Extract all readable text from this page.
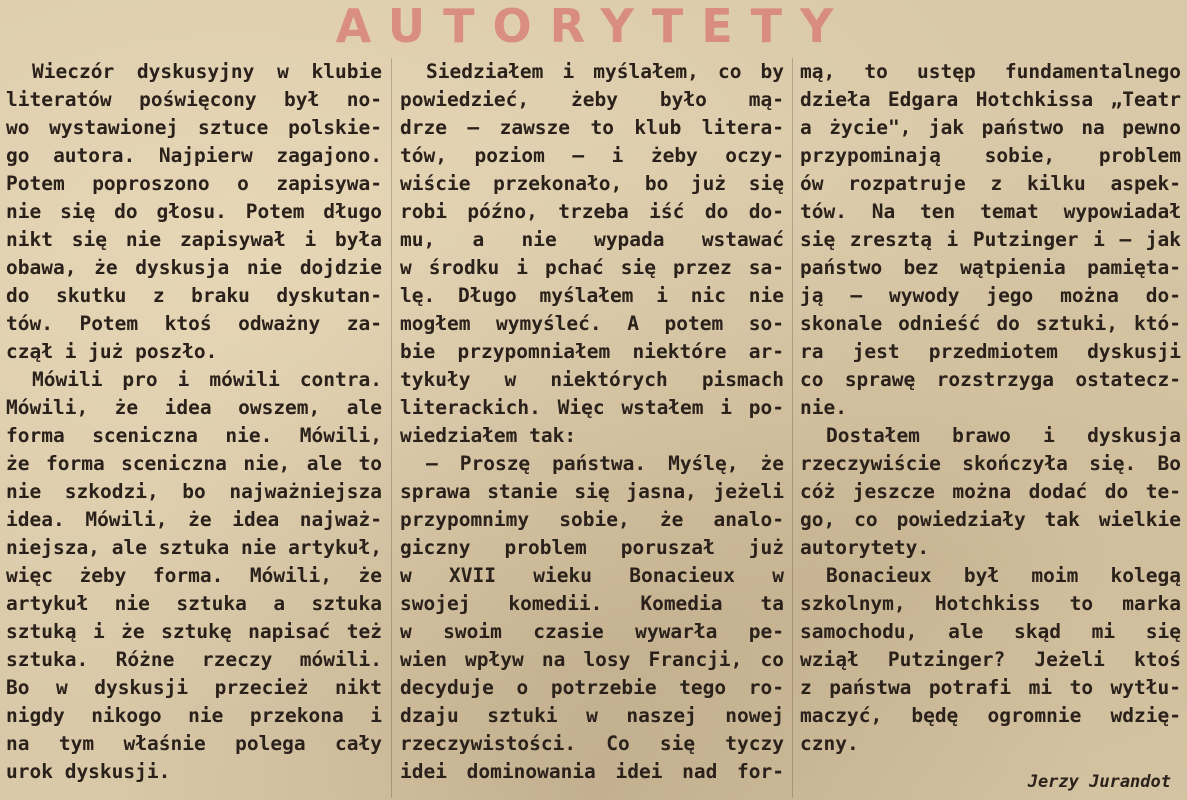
AUTORYTETY
Wieczór dyskusyjny w klubie
literatów poświęcony był no-
wo wystawionej sztuce polskie-
go autora. Najpierw zagajono.
Potem poproszono o zapisywa-
nie się do głosu. Potem długo
nikt się nie zapisywał i była
obawa, że dyskusja nie dojdzie
do skutku z braku dyskutan-
tów. Potem ktoś odważny za-
czął i już poszło.
Mówili pro i mówili contra.
Mówili, że idea owszem, ale
forma sceniczna nie. Mówili,
że forma sceniczna nie, ale to
nie szkodzi, bo najważniejsza
idea. Mówili, że idea najważ-
niejsza, ale sztuka nie artykuł,
więc żeby forma. Mówili, że
artykuł nie sztuka a sztuka
sztuką i że sztukę napisać też
sztuka. Różne rzeczy mówili.
Bo w dyskusji przecież nikt
nigdy nikogo nie przekona i
na tym właśnie polega cały
urok dyskusji.
Siedziałem i myślałem, co by
powiedzieć, żeby było mą-
drze — zawsze to klub litera-
tów, poziom — i żeby oczy-
wiście przekonało, bo już się
robi późno, trzeba iść do do-
mu, a nie wypada wstawać
w środku i pchać się przez sa-
lę. Długo myślałem i nic nie
mogłem wymyśleć. A potem so-
bie przypomniałem niektóre ar-
tykuły w niektórych pismach
literackich. Więc wstałem i po-
wiedziałem tak:
— Proszę państwa. Myślę, że
sprawa stanie się jasna, jeżeli
przypomnimy sobie, że analo-
giczny problem poruszał już
w XVII wieku Bonacieux w
swojej komedii. Komedia ta
w swoim czasie wywarła pe-
wien wpływ na losy Francji, co
decyduje o potrzebie tego ro-
dzaju sztuki w naszej nowej
rzeczywistości. Co się tyczy
idei dominowania idei nad for-
mą, to ustęp fundamentalnego
dzieła Edgara Hotchkissa „Teatr
a życie", jak państwo na pewno
przypominają sobie, problem
ów rozpatruje z kilku aspek-
tów. Na ten temat wypowiadał
się zresztą i Putzinger i — jak
państwo bez wątpienia pamięta-
ją — wywody jego można do-
skonale odnieść do sztuki, któ-
ra jest przedmiotem dyskusji
co sprawę rozstrzyga ostatecz-
nie.
Dostałem brawo i dyskusja
rzeczywiście skończyła się. Bo
cóż jeszcze można dodać do te-
go, co powiedziały tak wielkie
autorytety.
Bonacieux był moim kolegą
szkolnym, Hotchkiss to marka
samochodu, ale skąd mi się
wziął Putzinger? Jeżeli ktoś
z państwa potrafi mi to wytłu-
maczyć, będę ogromnie wdzię-
czny.
Jerzy Jurandot
